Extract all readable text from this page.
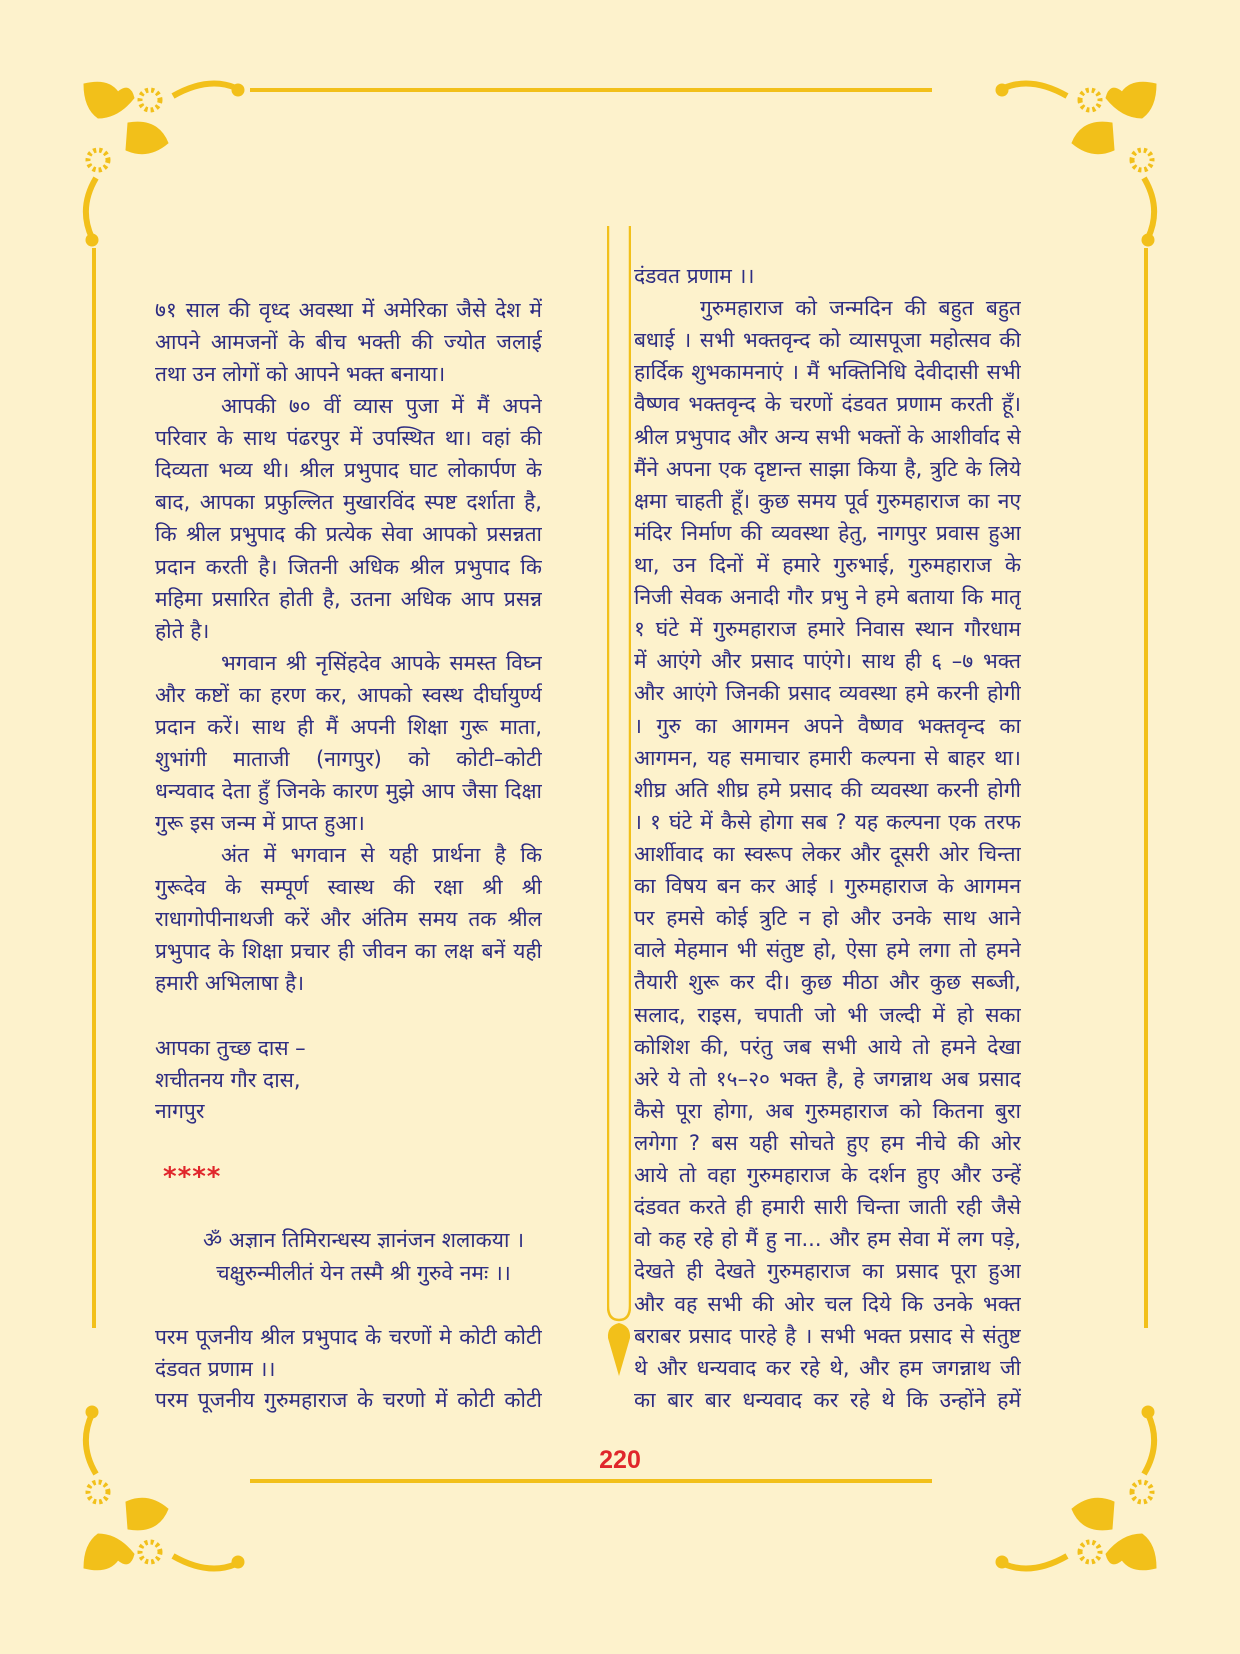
७१ साल की वृध्द अवस्था में अमेरिका जैसे देश में
आपने आमजनों के बीच भक्ती की ज्योत जलाई
तथा उन लोगों को आपने भक्त बनाया।
आपकी ७० वीं व्यास पुजा में मैं अपने
परिवार के साथ पंढरपुर में उपस्थित था। वहां की
दिव्यता भव्य थी। श्रील प्रभुपाद घाट लोकार्पण के
बाद, आपका प्रफुल्लित मुखारविंद स्पष्ट दर्शाता है,
कि श्रील प्रभुपाद की प्रत्येक सेवा आपको प्रसन्नता
प्रदान करती है। जितनी अधिक श्रील प्रभुपाद कि
महिमा प्रसारित होती है, उतना अधिक आप प्रसन्न
होते है।
भगवान श्री नृसिंहदेव आपके समस्त विघ्न
और कष्टों का हरण कर, आपको स्वस्थ दीर्घायुर्ण्य
प्रदान करें। साथ ही मैं अपनी शिक्षा गुरू माता,
शुभांगी माताजी (नागपुर) को कोटी–कोटी
धन्यवाद देता हुँ जिनके कारण मुझे आप जैसा दिक्षा
गुरू इस जन्म में प्राप्त हुआ।
अंत में भगवान से यही प्रार्थना है कि
गुरूदेव के सम्पूर्ण स्वास्थ की रक्षा श्री श्री
राधागोपीनाथजी करें और अंतिम समय तक श्रील
प्रभुपाद के शिक्षा प्रचार ही जीवन का लक्ष बनें यही
हमारी अभिलाषा है।
आपका तुच्छ दास –
शचीतनय गौर दास,
नागपुर
ॐ अज्ञान तिमिरान्धस्य ज्ञानंजन शलाकया ।
चक्षुरुन्मीलीतं येन तस्मै श्री गुरुवे नमः ।।
परम पूजनीय श्रील प्रभुपाद के चरणों मे कोटी कोटी
दंडवत प्रणाम ।।
परम पूजनीय गुरुमहाराज के चरणो में कोटी कोटी
दंडवत प्रणाम ।।
गुरुमहाराज को जन्मदिन की बहुत बहुत
बधाई । सभी भक्तवृन्द को व्यासपूजा महोत्सव की
हार्दिक शुभकामनाएं । मैं भक्तिनिधि देवीदासी सभी
वैष्णव भक्तवृन्द के चरणों दंडवत प्रणाम करती हूँ।
श्रील प्रभुपाद और अन्य सभी भक्तों के आशीर्वाद से
मैंने अपना एक दृष्टान्त साझा किया है, त्रुटि के लिये
क्षमा चाहती हूँ। कुछ समय पूर्व गुरुमहाराज का नए
मंदिर निर्माण की व्यवस्था हेतु, नागपुर प्रवास हुआ
था, उन दिनों में हमारे गुरुभाई, गुरुमहाराज के
निजी सेवक अनादी गौर प्रभु ने हमे बताया कि मातृ
१ घंटे में गुरुमहाराज हमारे निवास स्थान गौरधाम
में आएंगे और प्रसाद पाएंगे। साथ ही ६ –७ भक्त
और आएंगे जिनकी प्रसाद व्यवस्था हमे करनी होगी
। गुरु का आगमन अपने वैष्णव भक्तवृन्द का
आगमन, यह समाचार हमारी कल्पना से बाहर था।
शीघ्र अति शीघ्र हमे प्रसाद की व्यवस्था करनी होगी
। १ घंटे में कैसे होगा सब ? यह कल्पना एक तरफ
आर्शीवाद का स्वरूप लेकर और दूसरी ओर चिन्ता
का विषय बन कर आई । गुरुमहाराज के आगमन
पर हमसे कोई त्रुटि न हो और उनके साथ आने
वाले मेहमान भी संतुष्ट हो, ऐसा हमे लगा तो हमने
तैयारी शुरू कर दी। कुछ मीठा और कुछ सब्जी,
सलाद, राइस, चपाती जो भी जल्दी में हो सका
कोशिश की, परंतु जब सभी आये तो हमने देखा
अरे ये तो १५–२० भक्त है, हे जगन्नाथ अब प्रसाद
कैसे पूरा होगा, अब गुरुमहाराज को कितना बुरा
लगेगा ? बस यही सोचते हुए हम नीचे की ओर
आये तो वहा गुरुमहाराज के दर्शन हुए और उन्हें
दंडवत करते ही हमारी सारी चिन्ता जाती रही जैसे
वो कह रहे हो मैं हु ना... और हम सेवा में लग पड़े,
देखते ही देखते गुरुमहाराज का प्रसाद पूरा हुआ
और वह सभी की ओर चल दिये कि उनके भक्त
बराबर प्रसाद पारहे है । सभी भक्त प्रसाद से संतुष्ट
थे और धन्यवाद कर रहे थे, और हम जगन्नाथ जी
का बार बार धन्यवाद कर रहे थे कि उन्होंने हमें
****
220
